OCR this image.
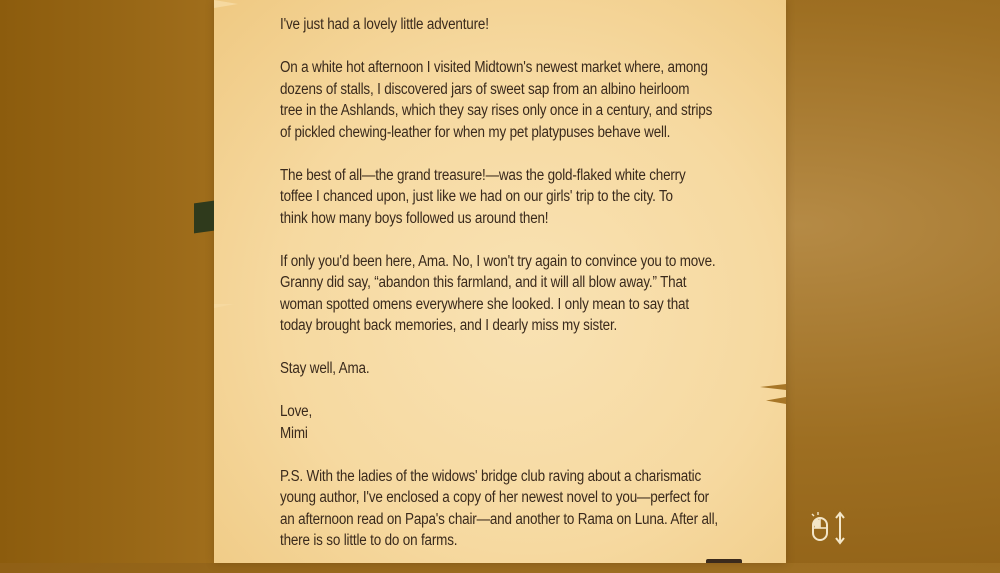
I've just had a lovely little adventure!

On a white hot afternoon I visited Midtown's newest market where, among
dozens of stalls, I discovered jars of sweet sap from an albino heirloom
tree in the Ashlands, which they say rises only once in a century, and strips
of pickled chewing-leather for when my pet platypuses behave well.

The best of all—the grand treasure!—was the gold-flaked white cherry
toffee I chanced upon, just like we had on our girls' trip to the city. To
think how many boys followed us around then!

If only you'd been here, Ama. No, I won't try again to convince you to move.
Granny did say, “abandon this farmland, and it will all blow away.” That
woman spotted omens everywhere she looked. I only mean to say that
today brought back memories, and I dearly miss my sister.

Stay well, Ama.

Love,
Mimi

P.S. With the ladies of the widows' bridge club raving about a charismatic
young author, I've enclosed a copy of her newest novel to you—perfect for
an afternoon read on Papa's chair—and another to Rama on Luna. After all,
there is so little to do on farms.
